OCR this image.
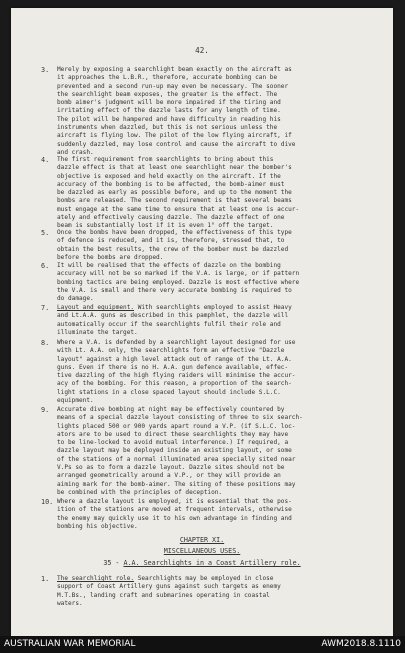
42.
3.	Merely by exposing a searchlight beam exactly on the aircraft as
it approaches the L.B.R., therefore, accurate bombing can be
prevented and a second run-up may even be necessary. The sooner
the searchlight beam exposes, the greater is the effect. The
bomb aimer's judgment will be more impaired if the tiring and
irritating effect of the dazzle lasts for any length of time.
The pilot will be hampered and have difficulty in reading his
instruments when dazzled, but this is not serious unless the
aircraft is flying low. The pilot of the low flying aircraft, if
suddenly dazzled, may lose control and cause the aircraft to dive
and crash.
4.	The first requirement from searchlights to bring about this
dazzle effect is that at least one searchlight near the bomber's
objective is exposed and held exactly on the aircraft. If the
accuracy of the bombing is to be affected, the bomb-aimer must
be dazzled as early as possible before, and up to the moment the
bombs are released. The second requirement is that several beams
must engage at the same time to ensure that at least one is accur-
ately and effectively causing dazzle. The dazzle effect of one
beam is substantially lost if it is even 1° off the target.
5.	Once the bombs have been dropped, the effectiveness of this type
of defence is reduced, and it is, therefore, stressed that, to
obtain the best results, the crew of the bomber must be dazzled
before the bombs are dropped.
6.	It will be realised that the effects of dazzle on the bombing
accuracy will not be so marked if the V.A. is large, or if pattern
bombing tactics are being employed. Dazzle is most effective where
the V.A. is small and there very accurate bombing is required to
do damage.
7.	Layout and equipment. With searchlights employed to assist Heavy
and Lt.A.A. guns as described in this pamphlet, the dazzle will
automatically occur if the searchlights fulfil their role and
illuminate the target.
8.	Where a V.A. is defended by a searchlight layout designed for use
with Lt. A.A. only, the searchlights form an effective "Dazzle
layout" against a high level attack out of range of the Lt. A.A.
guns. Even if there is no H. A.A. gun defence available, effec-
tive dazzling of the high flying raiders will minimise the accur-
acy of the bombing. For this reason, a proportion of the search-
light stations in a close spaced layout should include S.L.C.
equipment.
9.	Accurate dive bombing at night may be effectively countered by
means of a special dazzle layout consisting of three to six search-
lights placed 500 or 900 yards apart round a V.P. (if S.L.C. loc-
ators are to be used to direct these searchlights they may have
to be line-locked to avoid mutual interference.) If required, a
dazzle layout may be deployed inside an existing layout, or some
of the stations of a normal illuminated area specially sited near
V.Ps so as to form a dazzle layout. Dazzle sites should not be
arranged geometrically around a V.P., or they will provide an
aiming mark for the bomb-aimer. The siting of these positions may
be combined with the principles of deception.
10. Where a dazzle layout is employed, it is essential that the pos-
ition of the stations are moved at frequent intervals, otherwise
the enemy may quickly use it to his own advantage in finding and
bombing his objective.
CHAPTER XI.
MISCELLANEOUS USES.
35 - A.A. Searchlights in a Coast Artillery role.
1.	The searchlight role. Searchlights may be employed in close
support of Coast Artillery guns against such targets as enemy
M.T.Bs., landing craft and submarines operating in coastal
waters.
AUSTRALIAN WAR MEMORIAL	AWM2018.8.1110
